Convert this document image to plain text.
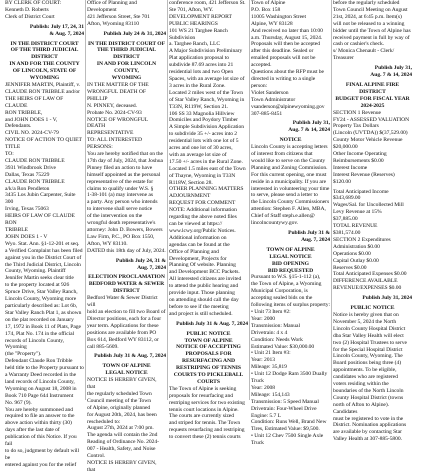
BY CLERK OF COURT:

Kenneth D. Roberts

Clerk of District Court

Publish: July 17, 24, 31

& Aug. 7, 2024

IN THE DISTRICT COURT

OF THE THIRD JUDICIAL

DISTRICT

IN AND FOR THE COUNTY

OF LINCOLN, STATE OF

WYOMING

JENNIFER MARTIN, Plaintiff, v.

CLAUDE RON TRIBBLE and/or

THE HEIRS OF LAW OF CLAUDE

RON TRIBBLE,

and JOHN DOES 1 - V, Defendants.

CIVIL NO. 2024-CV-79

NOTICE OF ACTION TO QUIET

TITLE

TO:

CLAUDE RON TRIBBLE

3931 Windbrook Drive

Dallas, Texas 75229

CLAUDE RON TRIBBLE

a/k/a Ron Pendleton

3435 Los Jubin Carpenter, Suite 300

Irving, Texas 75063

HEIRS OF LAW OF CLAUDE RON

TRIBBLE

JOHN DOES 1 - V

Wyo. Stat. Ann. §1-12-201 et seq.

a Verified Complaint has been filed

against you in the District Court of

the Third Judicial District, Lincoln

County, Wyoming. Plaintiff

Jennifer Martin seeks clear title

to the property located at 926

Spruce Drive, Star Valley Ranch,

Lincoln County, Wyoming more

particularly described as: Lot 6b,

Star Valley Ranch Plat 1, as shown

on the plat recorded on January

17, 1972 in Book 11 of Plats, Page

174, Plat No. 174 in the official

records of Lincoln County, Wyoming

(the "Property").

Defendant Claude Ron Tribble

held title to the Property pursuant to

a Warranty Deed recorded in the

land records of Lincoln County,

Wyoming on August 18, 2008 in

Book 710 Page 644 Instrument

No. 967 (9).

You are hereby summoned and

required to file an answer to the

above action within thirty (30)

days after the last date of

publication of this Notice. If you fail

to do so, judgment by default will be

entered against you for the relief

Office of Planning and

Development

421 Jefferson Street, Ste 701

Afton, Wyoming 83110

Publish July 24 & 31, 2024

IN THE DISTRICT COURT OF

THE THIRD JUDICIAL DISTRICT

IN AND FOR LINCOLN COUNTY,

WYOMING

IN THE MATTER OF THE

WRONGFUL DEATH OF PHILLIP

N. PINNEY, deceased.

Probate No. 2024-CV-93

NOTICE OF WRONGFUL DEATH

REPRESENTATIVE

TO: ALL INTERESTED PERSONS:

You are hereby notified that on the

17th day of July, 2024, that Joshua

Pinney filed an action to have

himself appointed as the personal

representative of the estate for

claims to qualify under W.S. §

1-38-101 (a) may intervene as

a party. Any person who intends

to intervene shall serve notice

of the intervention on the

wrongful death representative's

attorney: John D. Bowers, Bowers

Law Firm, P.C., PO Box 1550,

Afton, WY 83110.

DATED this 18th day of July, 2024.

Publish July 24, 31 &

Aug. 7, 2024

ELECTION PROCLAMATION

BEDFORD WATER & SEWER

DISTRICT

Bedford Water & Sewer District will

hold an election to fill two Board of

Director positions, each for a four

year term. Applications for these

positions are available from PO

Box 614, Bedford WY 83112, or

call 885-5609.

Publish July 31 & Aug. 7, 2024

TOWN OF ALPINE

LEGAL NOTICE

NOTICE IS HEREBY GIVEN, that

the regularly scheduled Town

Council meeting of the Town

of Alpine, originally planned

for August 20th, 2024, has been

rescheduled to:

August 27th, 2024 at 7:00 pm.

The agenda will contain the 2nd

Reading of Ordinance No. 2024-

007 - Health, Safety, and Noise

Control.

NOTICE IS HEREBY GIVEN, that

conference room, 421 Jefferson St.

Ste 701, Afton, WY.

DEVELOPMENT REPORT

PUBLIC HEARINGS

101 WS 21 Targhee Ranch

Subdivision

a. Targhee Ranch, LLC

A Major Subdivision Preliminary

Plat application proposal to

subdivide 87.69 acres into 21

residential lots and two Open

Spaces, with an average lot size of

3 acres in the Rural Zone.

Located 2 miles west of the Town

of Star Valley Ranch, Wyoming in

T33N, R119W, Section 21.

106 SS 33 Magnolia Hillview

Domiciles and Poydory Timber

A Simple Subdivision Application

to subdivide 35 +/- acres into 2

residential lots with one lot of 5

acres and one lot of 30 acres,

with an average lot size of

17.50 +/- acres in the Rural Zone.

Located 1.5 miles east of the Town

of Thayne, Wyoming in T33N

R118W, Section 28.

OTHER PLANNING MATTERS

ADJOURNMENT

REQUEST FOR COMMENT

NOTE: Additional information

regarding the above noted files

can be viewed at https://

www.lcwy.org/Public Notices.

Additional information on

agendas can be found at the

Office of Planning and

Development, Projects for

Planning Of website. Planning

and Development BCC Packets.

All interested citizens are invited

to attend the public hearing and

provide input. Those planning

on attending should call the day

before to see if the meeting

and project is still scheduled.

Publish July 31 & Aug. 7, 2024

PUBLIC NOTICE

TOWN OF ALPINE

NOTICE OF ACCEPTING

PROPOSALS FOR

RESURFACING AND

RESTRIPING OF TENNIS

COURTS TO PICKLEBALL

COURTS

The Town of Alpine is seeking

proposals for resurfacing and

restriping services for two existing

tennis court locations in Alpine.

The courts are currently sized

and striped for tennis. The Town

requests resurfacing and restriping

to convert these (2) tennis courts

Town of Alpine

P.O. Box 158

11005 Washington Street

Alpine, WY 83128

And received no later than 10:00

a.m. Thursday, August 15, 2024.

Proposals will then be accepted

after this deadline. Sealed or

emailed proposals will not be

accepted.

Questions about the RFP must be

directed in writing to a single

person:

Violet Sanderson

Town Administrator

vsanderson@alpinewyoming.gov

307-885-8451

Publish July 31,

Aug. 7 & 14, 2024

NOTICE

Lincoln County is accepting letters

of interest from citizens that

would like to serve on the County

Planning and Zoning Commission.

For this current opening, one must

reside in a municipality. If you are

interested in volunteering your time

to serve, please send a letter to

the Lincoln County Commissioners

attention: Stephen F. Allen, MBA,

Chief of Staff steph.e.allen@

lincolncountywy.gov.

Publish July 31 &

Aug. 7, 2024

TOWN OF ALPINE

LEGAL NOTICE

BID OPENING

BID REQUESTED

Pursuant to W.S. §15-1-112 (a),

the Town of Alpine, a Wyoming

Municipal Corporation, is

accepting sealed bids on the

following items of surplus property:

• Unit 73 Item #2:

Year: 2000

Transmission: Manual

Drivetrain: 4 x 4

Condition: Needs Work

Estimated Value: $30,000.00

• Unit 21 Item #3:

Year: 2013

Mileage: 35,819

• Unit 12 Dodge Ram 3500 Dually

Truck

Year: 2008

Mileage: 154,143

Transmission: 5 Speed Manual

Drivetrain: Four-Wheel Drive

Engine: 5.7 L

Condition: Runs Well, Brand New

Tires, Estimated Value: $9,500.

• Unit 12 Chev 7500 Single Axle

Truck

before the regularly scheduled

Town Council Meeting on August

21st, 2024, at 6:45 p.m. Item(s)

will not be released to a winning

bidder until the Town of Alpine has

received payment in full by way of

cash or cashier's check.

s/ Monica Chenault - Clerk/

Treasurer

Publish July 31,

Aug. 7 & 14, 2024

FINAL ALPINE FIRE DISTRICT

BUDGET FOR FISCAL YEAR

2024-2025

SECTION 1 Revenue

FY24 - ASSESSED VALUATION

Property Tax Dollars

(Lincoln (UVTDA)) $(37,529.00)

County Motor Vehicle Revenue

$20,000.00

Other Income Operating

Reimbursements $0.00

Interest Income

Interest Revenue (Reserves)

$120.00

Total Anticipated Income

$343,689.00

Wages/Sal. for Uncollected Mill

Levy Revenue at 15%

$37,885.00

TOTAL REVENUE

$381,574.00

SECTION 2 Expenditures

Administration $0.00

Operations $0.00

Capital Outlay $0.00

Reserves $0.00

Total Anticipated Expenses $0.00

DIFFERENCE AVAILABLE

REVENUE/EXPENSES $0.00

Publish July 31, 2024

PUBLIC NOTICE

Notice is hereby given that on

November 5, 2024 the North

Lincoln County Hospital District

dba Star Valley Health will elect

two (2) Hospital Trustees to serve

for the Special Hospital District

Lincoln County, Wyoming. The

Board positions being three (4)

appointments. To be eligible,

candidates who are registered

voters residing within the

boundaries of the North Lincoln

County Hospital District (towns

north of Afton to Alpine). Candidates

must be registered to vote in the

District. Nomination applications

are available by contacting Star

Valley Health at 307-885-5800.
